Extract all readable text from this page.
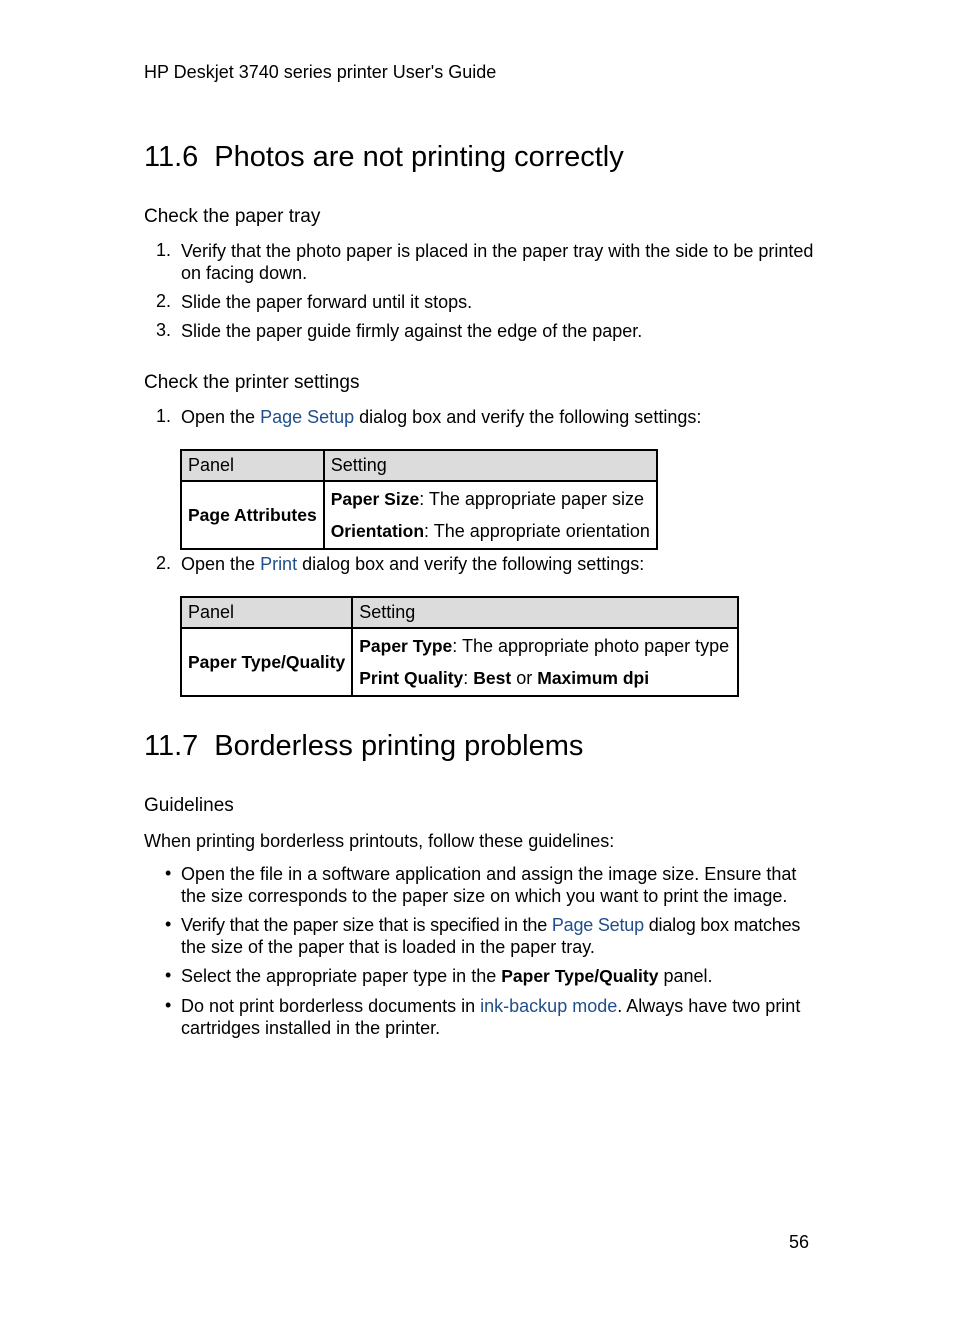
HP Deskjet 3740 series printer User's Guide
11.6 Photos are not printing correctly
Check the paper tray
1. Verify that the photo paper is placed in the paper tray with the side to be printed
on facing down.
2. Slide the paper forward until it stops.
3. Slide the paper guide firmly against the edge of the paper.
Check the printer settings
1. Open the Page Setup dialog box and verify the following settings:
Panel	Setting
Page Attributes	Paper Size: The appropriate paper size
Orientation: The appropriate orientation
2. Open the Print dialog box and verify the following settings:
Panel	Setting
Paper Type/Quality	Paper Type: The appropriate photo paper type
Print Quality: Best or Maximum dpi
11.7 Borderless printing problems
Guidelines
When printing borderless printouts, follow these guidelines:
• Open the file in a software application and assign the image size. Ensure that
the size corresponds to the paper size on which you want to print the image.
• Verify that the paper size that is specified in the Page Setup dialog box matches
the size of the paper that is loaded in the paper tray.
• Select the appropriate paper type in the Paper Type/Quality panel.
• Do not print borderless documents in ink-backup mode. Always have two print
cartridges installed in the printer.
56
